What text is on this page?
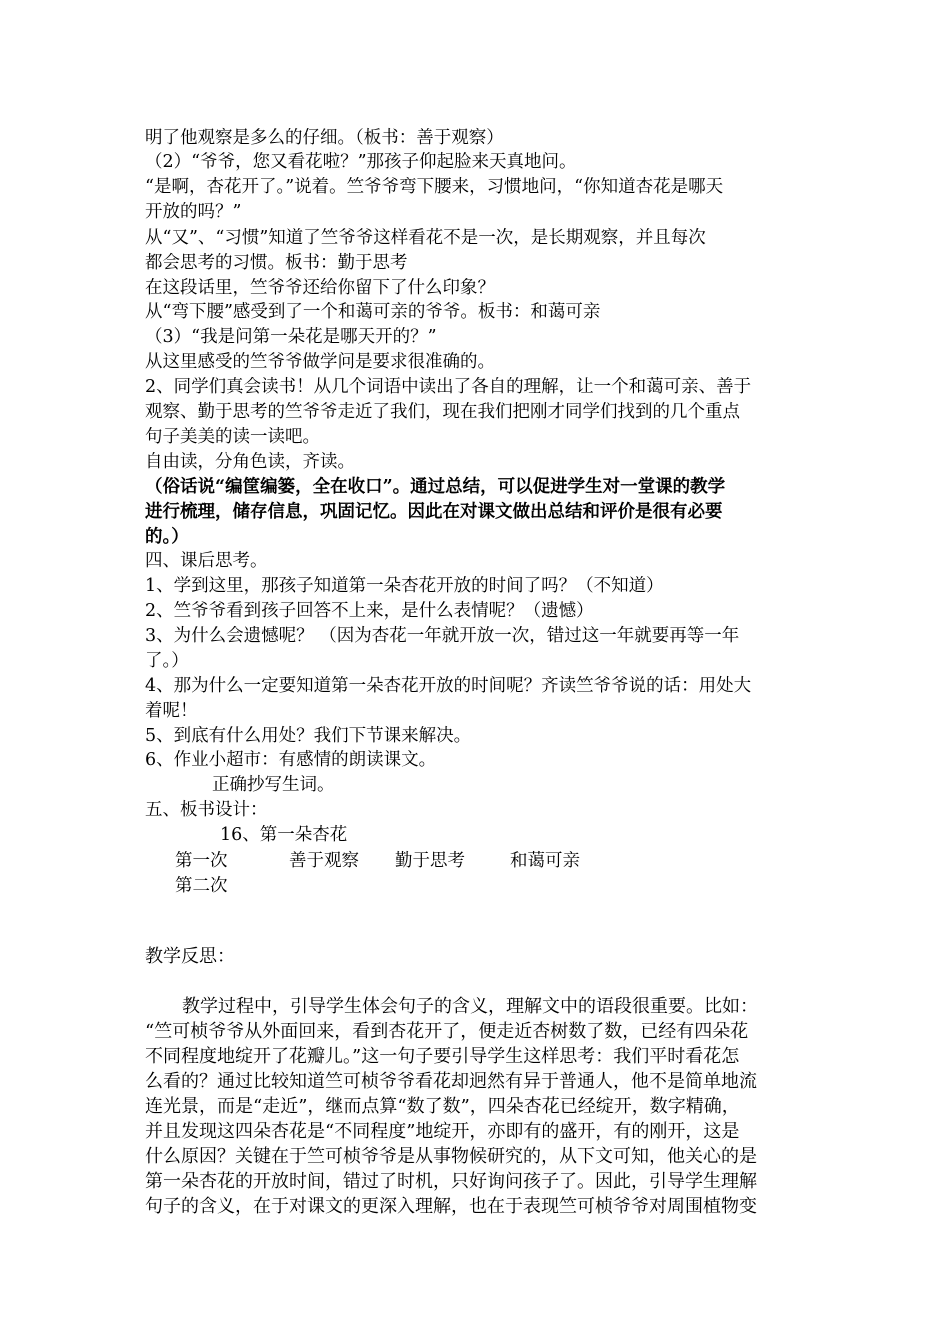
明了他观察是多么的仔细。（板书：善于观察）
（2）“爷爷，您又看花啦？”那孩子仰起脸来天真地问。
“是啊，杏花开了。”说着。竺爷爷弯下腰来，习惯地问，“你知道杏花是哪天
开放的吗？”
从“又”、“习惯”知道了竺爷爷这样看花不是一次，是长期观察，并且每次
都会思考的习惯。板书：勤于思考
在这段话里，竺爷爷还给你留下了什么印象？
从“弯下腰”感受到了一个和蔼可亲的爷爷。板书：和蔼可亲
（3）“我是问第一朵花是哪天开的？”
从这里感受的竺爷爷做学问是要求很准确的。
2、同学们真会读书！从几个词语中读出了各自的理解，让一个和蔼可亲、善于
观察、勤于思考的竺爷爷走近了我们，现在我们把刚才同学们找到的几个重点
句子美美的读一读吧。
自由读，分角色读，齐读。
（俗话说“编筐编篓，全在收口”。通过总结，可以促进学生对一堂课的教学
进行梳理，储存信息，巩固记忆。因此在对课文做出总结和评价是很有必要
的。）
四、课后思考。
1、学到这里，那孩子知道第一朵杏花开放的时间了吗？（不知道）
2、竺爷爷看到孩子回答不上来，是什么表情呢？（遗憾）
3、为什么会遗憾呢？ （因为杏花一年就开放一次，错过这一年就要再等一年
了。）
4、那为什么一定要知道第一朵杏花开放的时间呢？齐读竺爷爷说的话：用处大
着呢！
5、到底有什么用处？我们下节课来解决。
6、作业小超市：有感情的朗读课文。
正确抄写生词。
五、板书设计：
16、第一朵杏花
第一次	善于观察	勤于思考	和蔼可亲
第二次
教学反思：
教学过程中，引导学生体会句子的含义，理解文中的语段很重要。比如：
“竺可桢爷爷从外面回来，看到杏花开了，便走近杏树数了数，已经有四朵花
不同程度地绽开了花瓣儿。”这一句子要引导学生这样思考：我们平时看花怎
么看的？通过比较知道竺可桢爷爷看花却迥然有异于普通人，他不是简单地流
连光景，而是“走近”，继而点算“数了数”，四朵杏花已经绽开，数字精确，
并且发现这四朵杏花是“不同程度”地绽开，亦即有的盛开，有的刚开，这是
什么原因？关键在于竺可桢爷爷是从事物候研究的，从下文可知，他关心的是
第一朵杏花的开放时间，错过了时机，只好询问孩子了。因此，引导学生理解
句子的含义，在于对课文的更深入理解，也在于表现竺可桢爷爷对周围植物变
